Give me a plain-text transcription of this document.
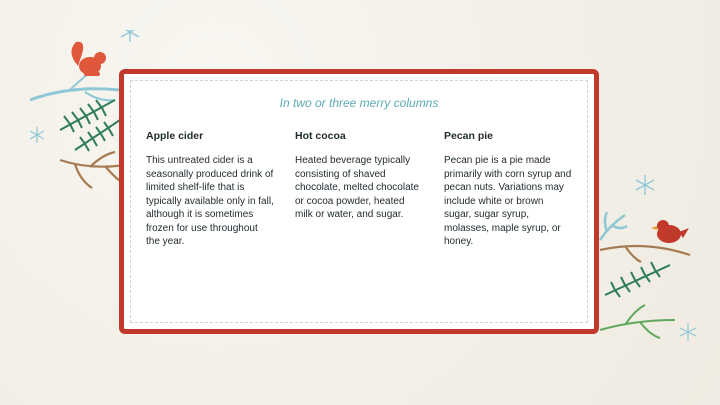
In two or three merry columns
Apple cider

This untreated cider is a seasonally produced drink of limited shelf-life that is typically available only in fall, although it is sometimes frozen for use throughout the year.

Hot cocoa

Heated beverage typically consisting of shaved chocolate, melted chocolate or cocoa powder, heated milk or water, and sugar.

Pecan pie

Pecan pie is a pie made primarily with corn syrup and pecan nuts. Variations may include white or brown sugar, sugar syrup, molasses, maple syrup, or honey.
